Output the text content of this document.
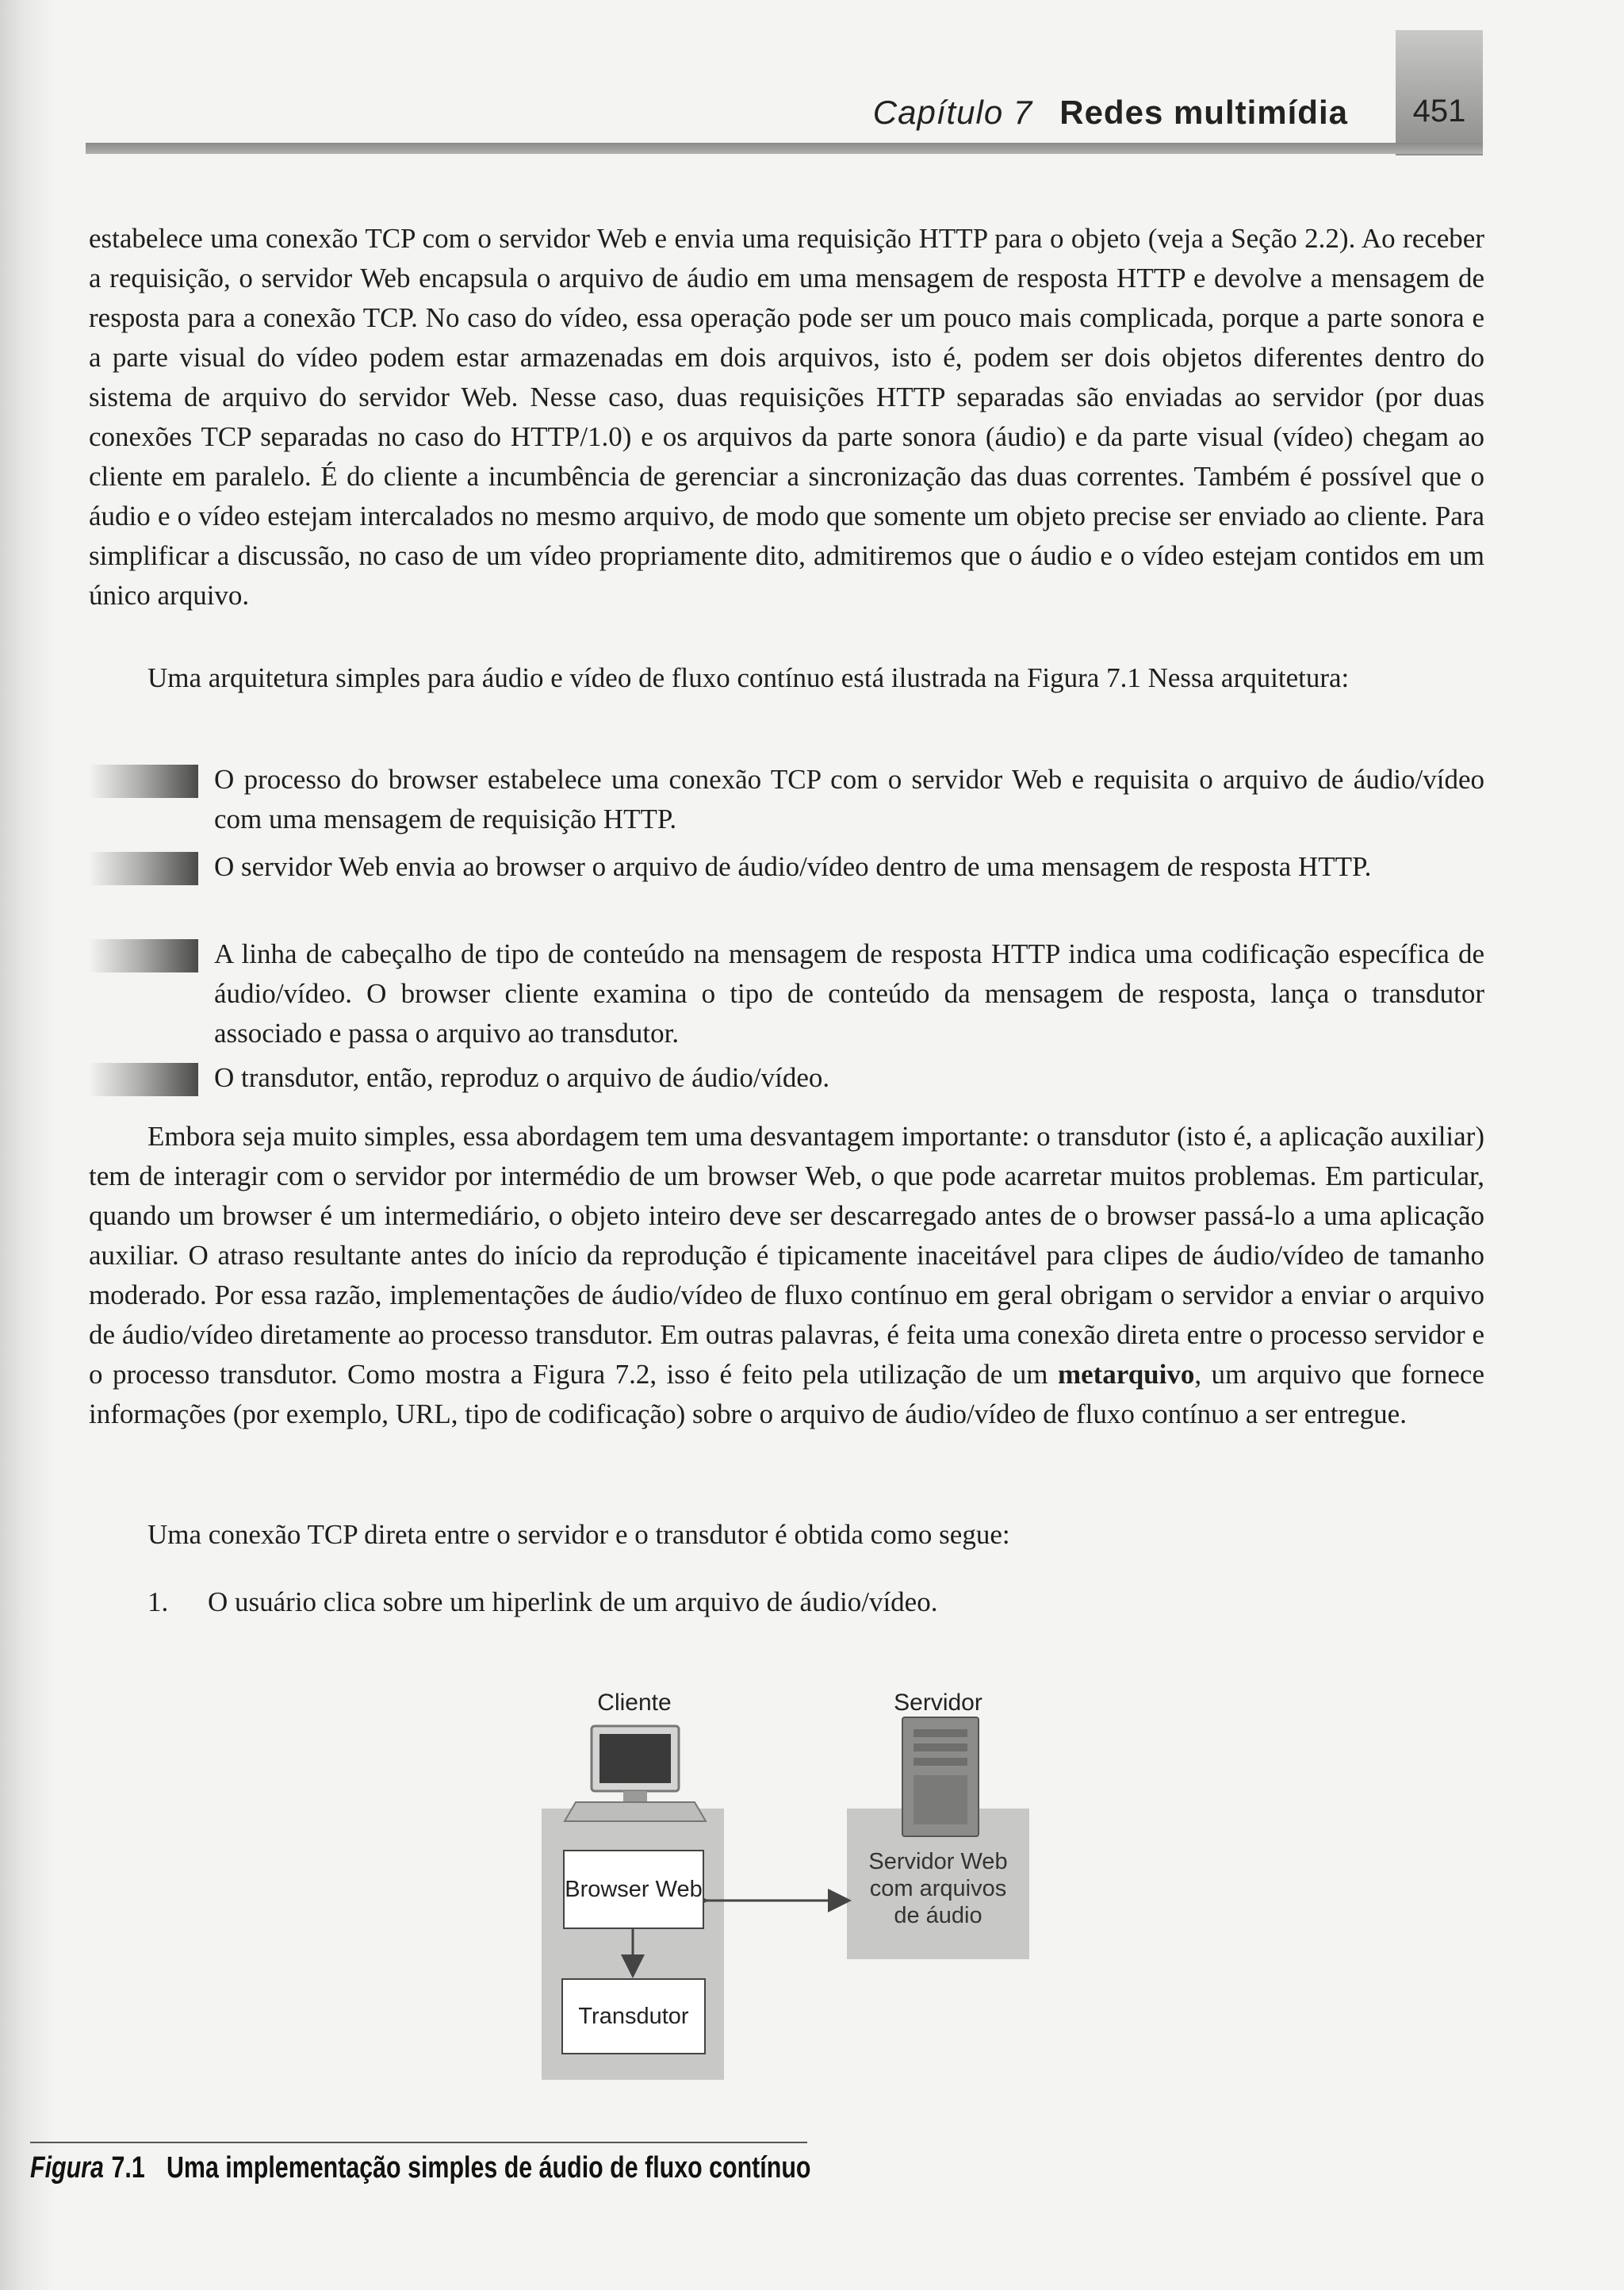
Capítulo 7 Redes multimídia	451

estabelece uma conexão TCP com o servidor Web e envia uma requisição HTTP para o objeto (veja a Seção 2.2). Ao receber a requisição, o servidor Web encapsula o arquivo de áudio em uma mensagem de resposta HTTP e devolve a mensagem de resposta para a conexão TCP. No caso do vídeo, essa operação pode ser um pouco mais complicada, porque a parte sonora e a parte visual do vídeo podem estar armazenadas em dois arquivos, isto é, podem ser dois objetos diferentes dentro do sistema de arquivo do servidor Web. Nesse caso, duas requisições HTTP separadas são enviadas ao servidor (por duas conexões TCP separadas no caso do HTTP/1.0) e os arquivos da parte sonora (áudio) e da parte visual (vídeo) chegam ao cliente em paralelo. É do cliente a incumbência de gerenciar a sincronização das duas correntes. Também é possível que o áudio e o vídeo estejam intercalados no mesmo arquivo, de modo que somente um objeto precise ser enviado ao cliente. Para simplificar a discussão, no caso de um vídeo propriamente dito, admitiremos que o áudio e o vídeo estejam contidos em um único arquivo.

Uma arquitetura simples para áudio e vídeo de fluxo contínuo está ilustrada na Figura 7.1 Nessa arquitetura:

O processo do browser estabelece uma conexão TCP com o servidor Web e requisita o arquivo de áudio/vídeo com uma mensagem de requisição HTTP.

O servidor Web envia ao browser o arquivo de áudio/vídeo dentro de uma mensagem de resposta HTTP.

A linha de cabeçalho de tipo de conteúdo na mensagem de resposta HTTP indica uma codificação específica de áudio/vídeo. O browser cliente examina o tipo de conteúdo da mensagem de resposta, lança o transdutor associado e passa o arquivo ao transdutor.

O transdutor, então, reproduz o arquivo de áudio/vídeo.

Embora seja muito simples, essa abordagem tem uma desvantagem importante: o transdutor (isto é, a aplicação auxiliar) tem de interagir com o servidor por intermédio de um browser Web, o que pode acarretar muitos problemas. Em particular, quando um browser é um intermediário, o objeto inteiro deve ser descarregado antes de o browser passá-lo a uma aplicação auxiliar. O atraso resultante antes do início da reprodução é tipicamente inaceitável para clipes de áudio/vídeo de tamanho moderado. Por essa razão, implementações de áudio/vídeo de fluxo contínuo em geral obrigam o servidor a enviar o arquivo de áudio/vídeo diretamente ao processo transdutor. Em outras palavras, é feita uma conexão direta entre o processo servidor e o processo transdutor. Como mostra a Figura 7.2, isso é feito pela utilização de um metarquivo, um arquivo que fornece informações (por exemplo, URL, tipo de codificação) sobre o arquivo de áudio/vídeo de fluxo contínuo a ser entregue.

Uma conexão TCP direta entre o servidor e o transdutor é obtida como segue:

1. O usuário clica sobre um hiperlink de um arquivo de áudio/vídeo.
Cliente	Servidor
Browser Web
Transdutor
Servidor Web
com arquivos
de áudio
Figura 7.1 Uma implementação simples de áudio de fluxo contínuo
